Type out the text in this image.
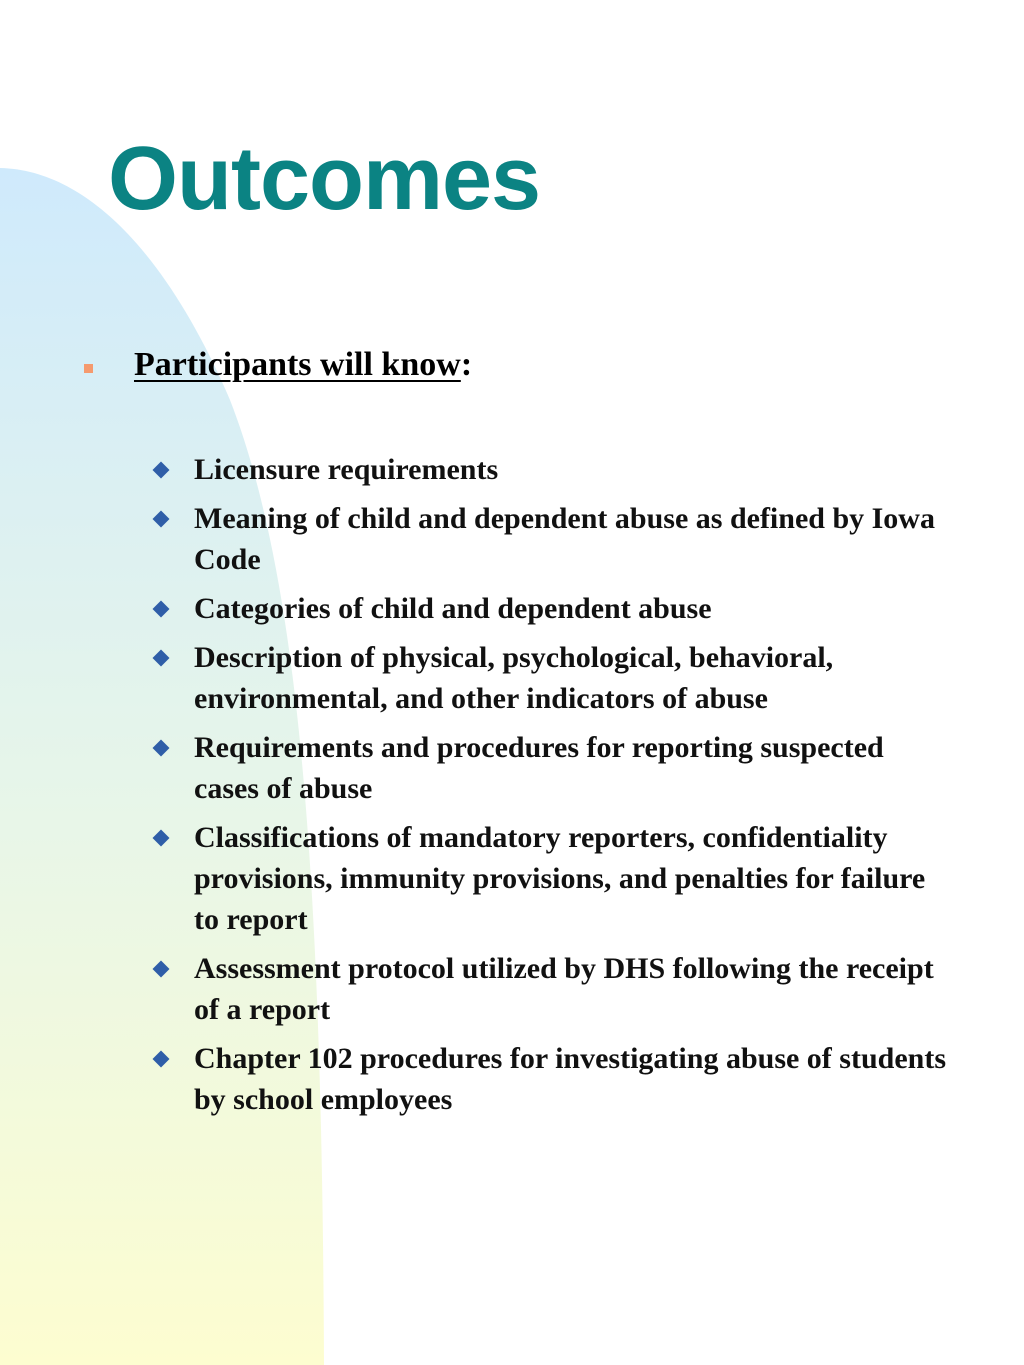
Outcomes
Participants will know:
Licensure requirements
Meaning of child and dependent abuse as defined by Iowa Code
Categories of child and dependent abuse
Description of physical, psychological, behavioral, environmental, and other indicators of abuse
Requirements and procedures for reporting suspected cases of abuse
Classifications of mandatory reporters, confidentiality provisions, immunity provisions, and penalties for failure to report
Assessment protocol utilized by DHS following the receipt of a report
Chapter 102 procedures for investigating abuse of students by school employees
